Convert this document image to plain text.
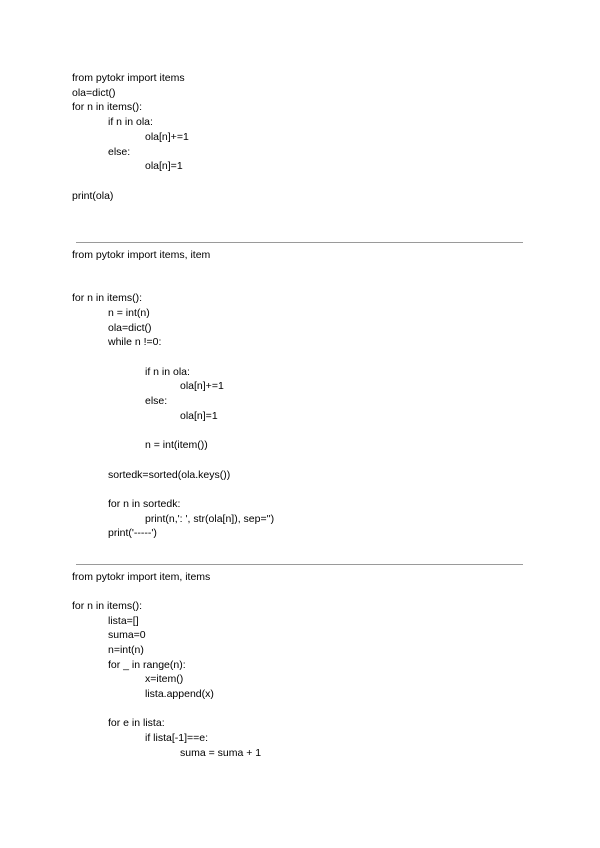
from pytokr import items
ola=dict()
for n in items():
if n in ola:
ola[n]+=1
else:
ola[n]=1
print(ola)
from pytokr import items, item
for n in items():
n = int(n)
ola=dict()
while n !=0:
if n in ola:
ola[n]+=1
else:
ola[n]=1
n = int(item())
sortedk=sorted(ola.keys())
for n in sortedk:
print(n,': ', str(ola[n]), sep='')
print('-----')
from pytokr import item, items
for n in items():
lista=[]
suma=0
n=int(n)
for _ in range(n):
x=item()
lista.append(x)
for e in lista:
if lista[-1]==e:
suma = suma + 1
